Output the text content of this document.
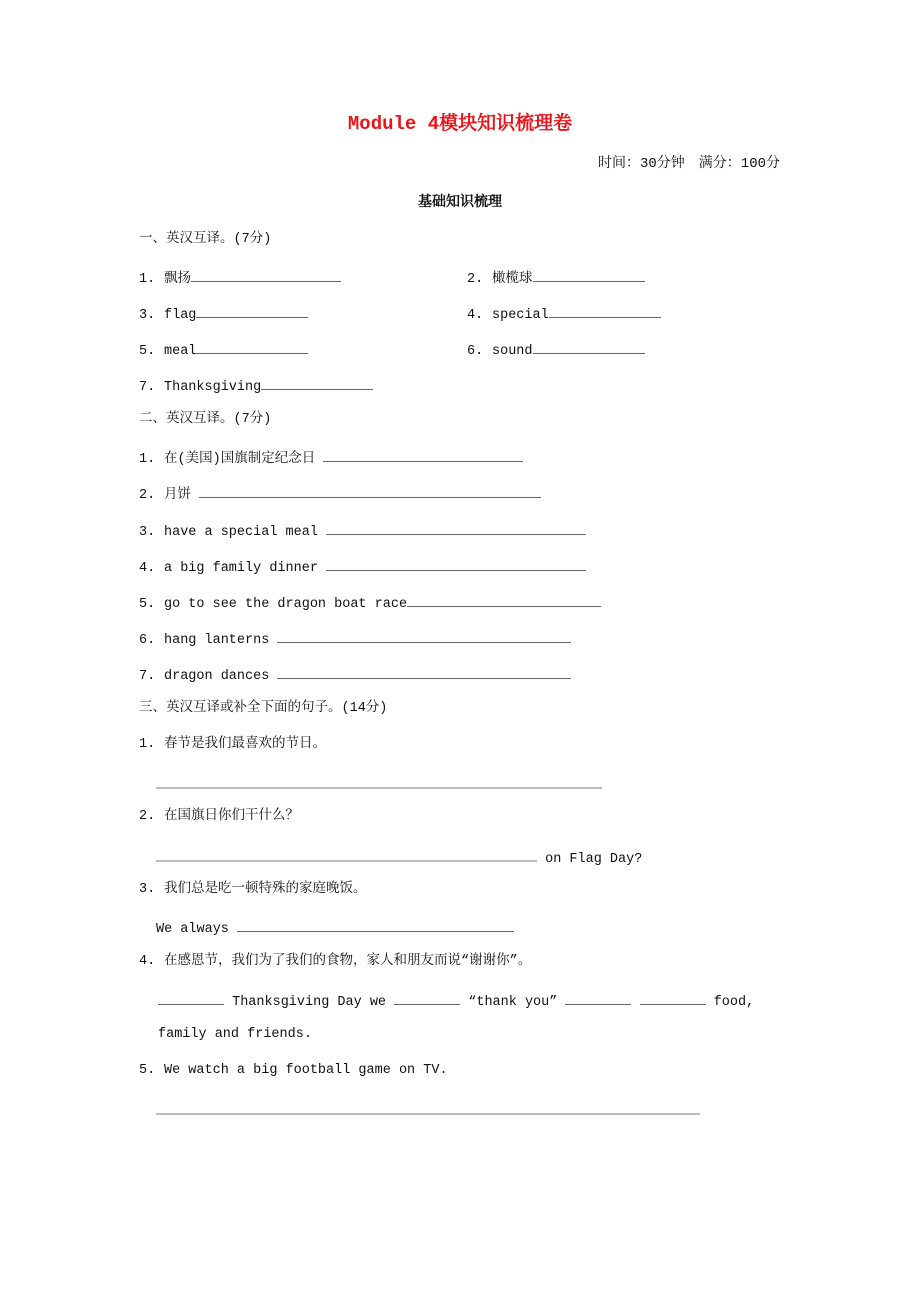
Module 4模块知识梳理卷
时间：30分钟　满分：100分
基础知识梳理
一、英汉互译。(7分)
1. 飘扬	2. 橄榄球
3. flag	4. special
5. meal	6. sound
7. Thanksgiving
二、英汉互译。(7分)
1. 在(美国)国旗制定纪念日
2. 月饼
3. have a special meal
4. a big family dinner
5. go to see the dragon boat race
6. hang lanterns
7. dragon dances
三、英汉互译或补全下面的句子。(14分)
1. 春节是我们最喜欢的节日。
2. 在国旗日你们干什么？
on Flag Day?
3. 我们总是吃一顿特殊的家庭晚饭。
We always
4. 在感恩节，我们为了我们的食物，家人和朋友而说“谢谢你”。
Thanksgiving Day we	“thank you”	food,
family and friends.
5. We watch a big football game on TV.
